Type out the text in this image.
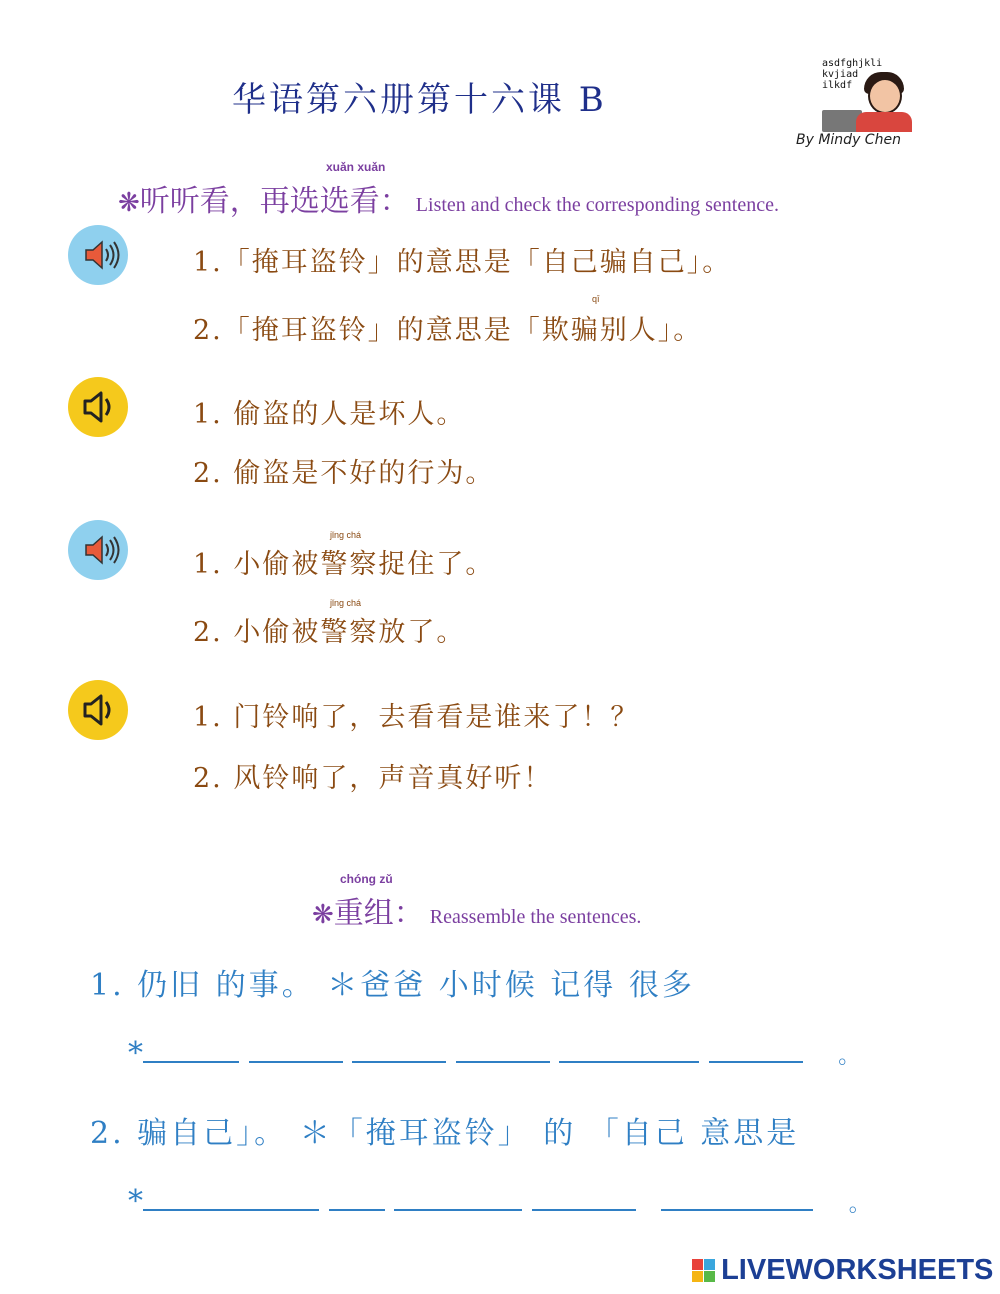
华语第六册第十六课 B
asdfghjkli
kvjiad
ilkdf
By Mindy Chen
xuǎn xuǎn
❋听听看，再选选看： Listen and check the corresponding sentence.
1.「掩耳盗铃」的意思是「自己骗自己」。
qī
2.「掩耳盗铃」的意思是「欺骗别人」。
1. 偷盗的人是坏人。
2. 偷盗是不好的行为。
jǐng chá
1. 小偷被警察捉住了。
jǐng chá
2. 小偷被警察放了。
1. 门铃响了，去看看是谁来了！？
2. 风铃响了，声音真好听！
chóng zǔ
❋重组： Reassemble the sentences.
1. 仍旧 的事。 ＊爸爸 小时候 记得 很多
*	。
2. 骗自己」。 ＊「掩耳盗铃」 的 「自己 意思是
*	。
LIVEWORKSHEETS
